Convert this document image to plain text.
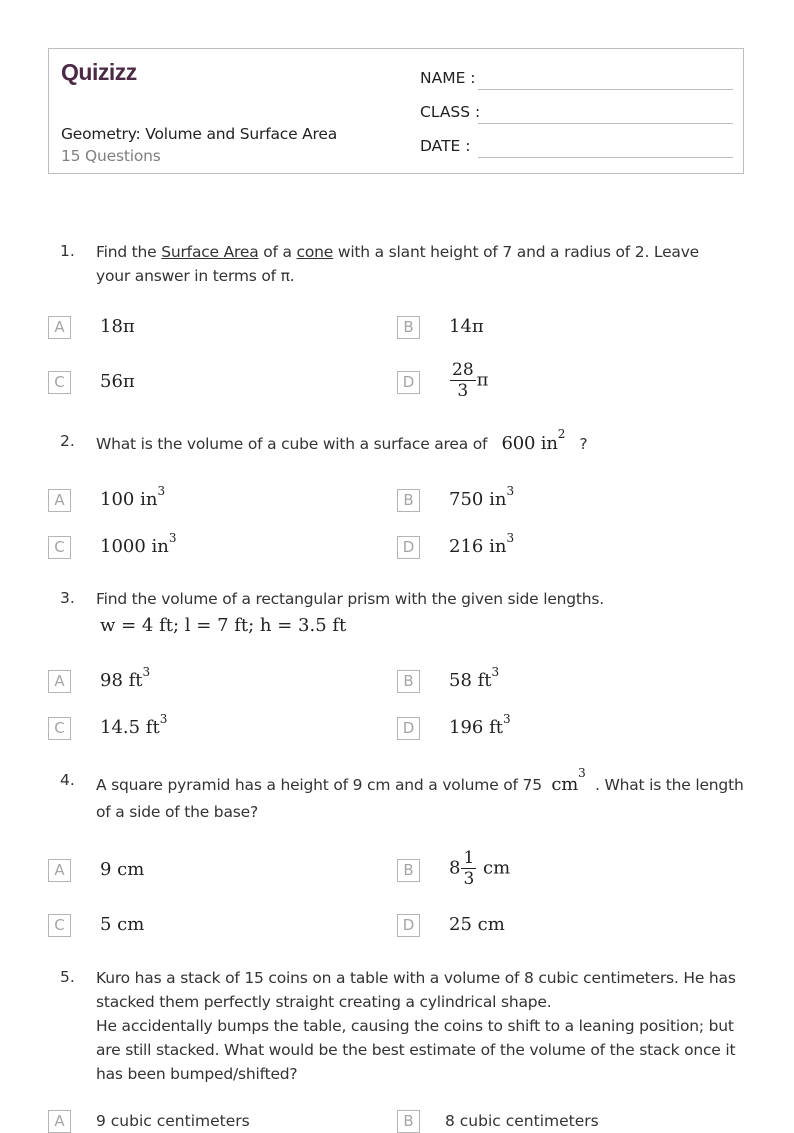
Quizizz
Geometry: Volume and Surface Area
15 Questions
NAME :
CLASS :
DATE :
1. Find the Surface Area of a cone with a slant height of 7 and a radius of 2. Leave your answer in terms of π.
A	18π	B	14π
C	56π	D	$\frac{28}{3}$ π
2. What is the volume of a cube with a surface area of 600 $in^2$   ?
A	100 $in^3$	B	750 $in^3$
C	1000 $in^3$	D	216 $in^3$
3. Find the volume of a rectangular prism with the given side lengths.
w = 4 ft; l = 7 ft; h = 3.5 ft
A	98 $ft^3$	B	58 $ft^3$
C	14.5 $ft^3$	D	196 $ft^3$
4. A square pyramid has a height of 9 cm and a volume of 75 $cm^3$  . What is the length of a side of the base?
A	9 cm	B	$8 \frac{1}{3}$ cm
C	5 cm	D	25 cm
5. Kuro has a stack of 15 coins on a table with a volume of 8 cubic centimeters. He has stacked them perfectly straight creating a cylindrical shape.
He accidentally bumps the table, causing the coins to shift to a leaning position; but are still stacked. What would be the best estimate of the volume of the stack once it has been bumped/shifted?
A	9 cubic centimeters	B	8 cubic centimeters
